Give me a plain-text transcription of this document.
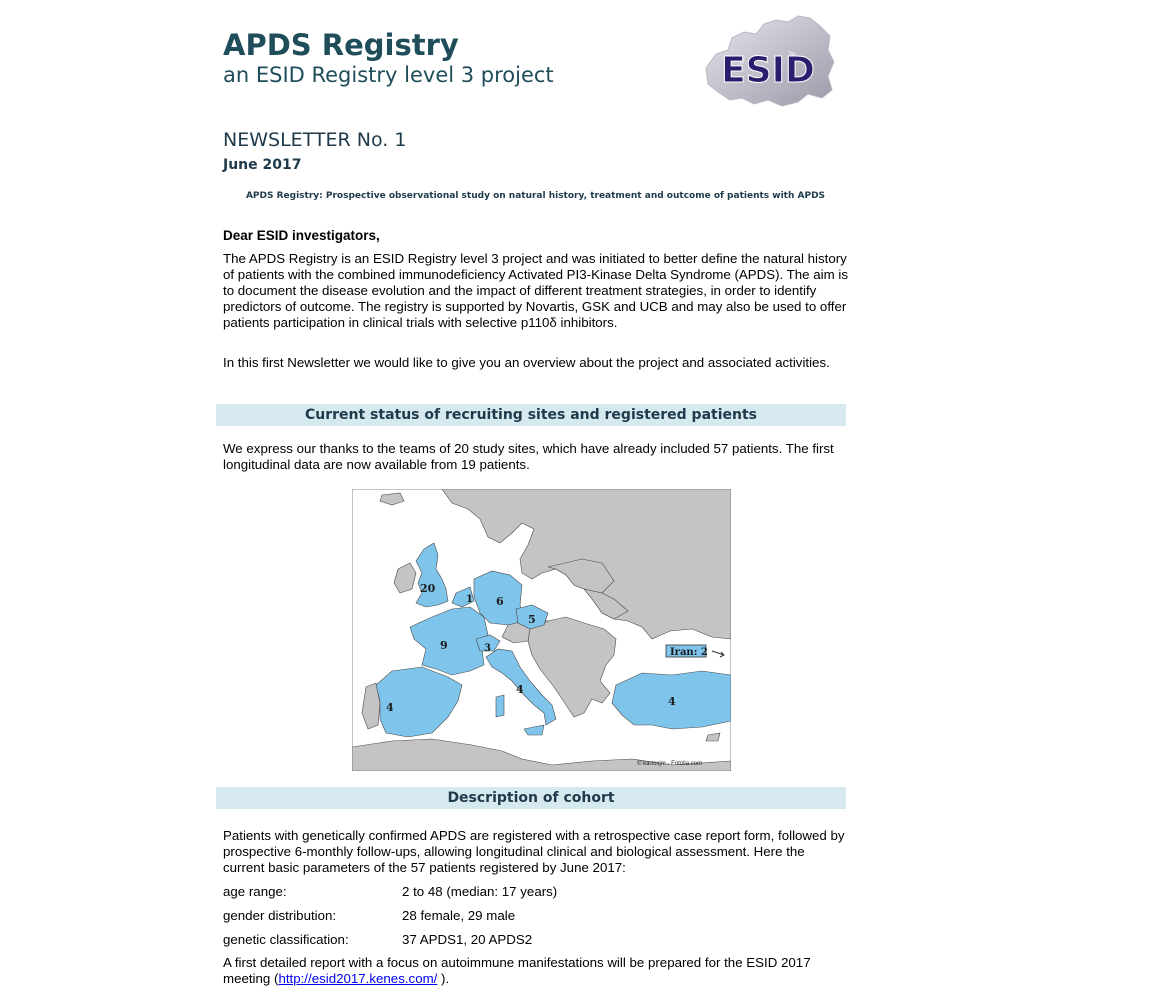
APDS Registry
an ESID Registry level 3 project	ESID
NEWSLETTER No. 1
June 2017
APDS Registry: Prospective observational study on natural history, treatment and outcome of patients with APDS
Dear ESID investigators,
The APDS Registry is an ESID Registry level 3 project and was initiated to better define the natural history of patients with the combined immunodeficiency Activated PI3-Kinase Delta Syndrome (APDS). The aim is to document the disease evolution and the impact of different treatment strategies, in order to identify predictors of outcome. The registry is supported by Novartis, GSK and UCB and may also be used to offer patients participation in clinical trials with selective p110δ inhibitors.
In this first Newsletter we would like to give you an overview about the project and associated activities.
Current status of recruiting sites and registered patients
We express our thanks to the teams of 20 study sites, which have already included 57 patients. The first longitudinal data are now available from 19 patients.
Iran: 2
20
1 6
5
9	3
4
4	4
© kartoxjm - Fotolia.com
Description of cohort
Patients with genetically confirmed APDS are registered with a retrospective case report form, followed by prospective 6-monthly follow-ups, allowing longitudinal clinical and biological assessment. Here the current basic parameters of the 57 patients registered by June 2017:
age range:	2 to 48 (median: 17 years)
gender distribution:	28 female, 29 male
genetic classification:	37 APDS1, 20 APDS2
A first detailed report with a focus on autoimmune manifestations will be prepared for the ESID 2017 meeting (http://esid2017.kenes.com/ ).
